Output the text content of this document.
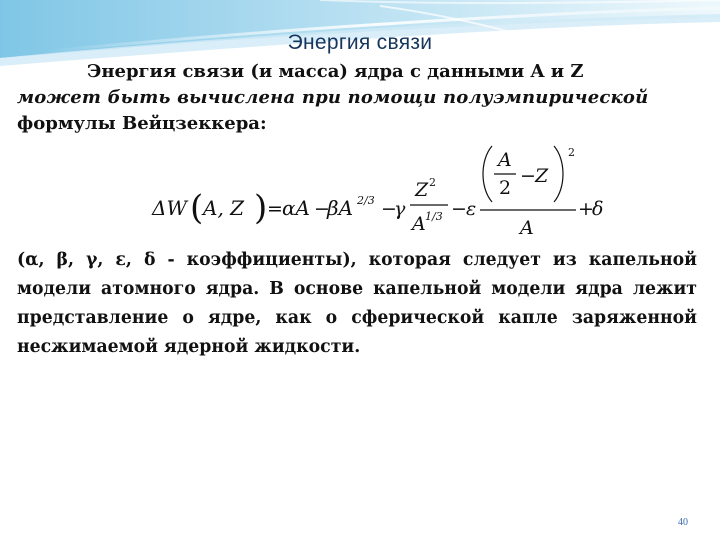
Энергия связи
Энергия связи (и масса) ядра с данными A и Z
может быть вычислена при помощи полуэмпирической
формулы Вейцзеккера:
ΔW ( A, Z ) = αA −
βA 2/3 −
γ
Z 2
A 1/3 − ε
A
2
− Z
2
A
+
δ
(α, β, γ, ε, δ - коэффициенты), которая следует из капельной модели атомного ядра. В основе капельной модели ядра лежит представление о ядре, как о сферической капле заряженной несжимаемой ядерной жидкости.
40
